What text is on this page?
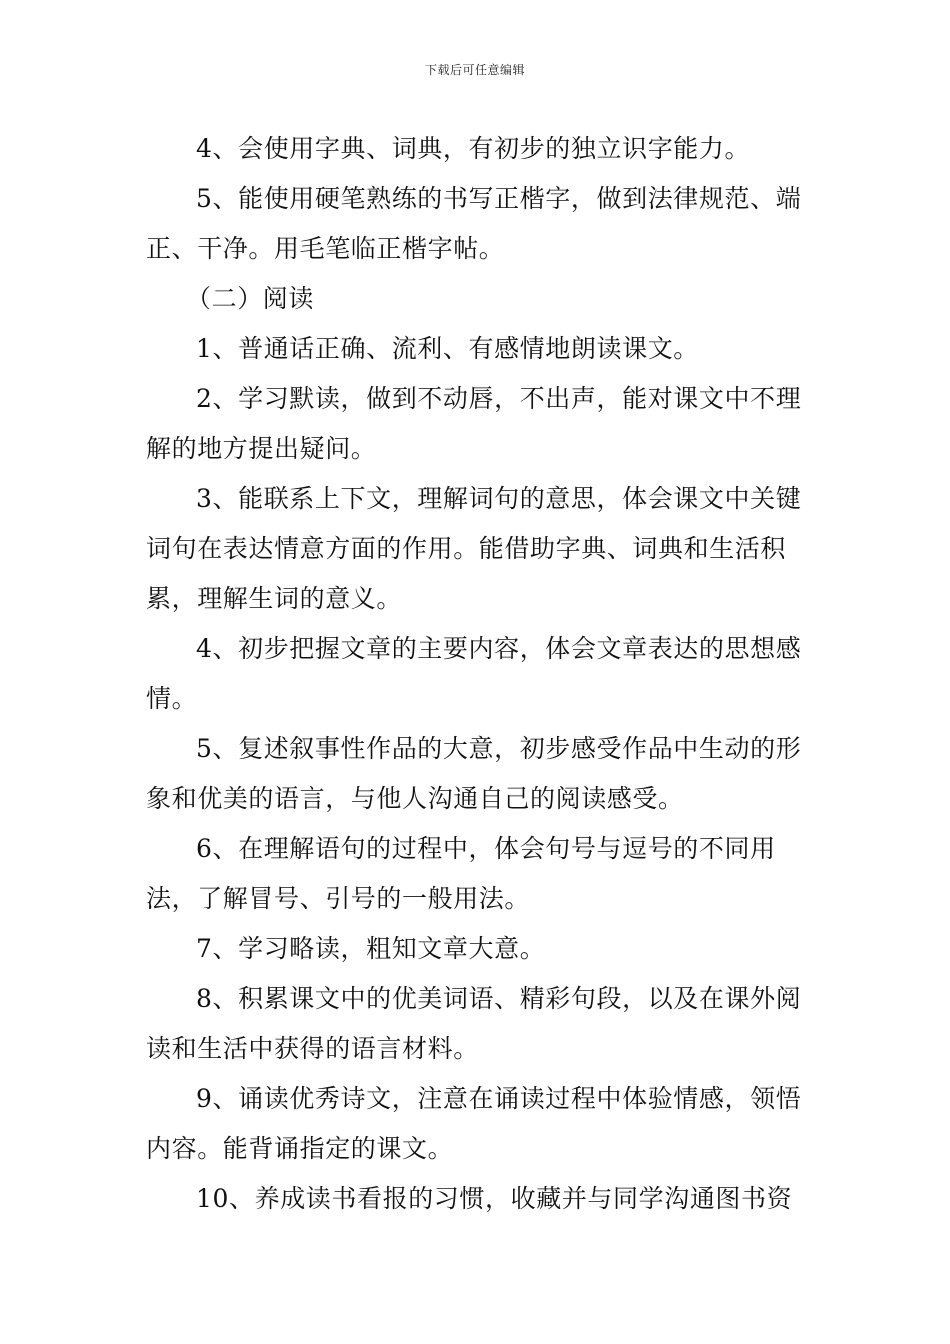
下载后可任意编辑

4、会使用字典、词典，有初步的独立识字能力。

5、能使用硬笔熟练的书写正楷字，做到法律规范、端正、干净。用毛笔临正楷字帖。

（二）阅读

1、普通话正确、流利、有感情地朗读课文。

2、学习默读，做到不动唇，不出声，能对课文中不理解的地方提出疑问。

3、能联系上下文，理解词句的意思，体会课文中关键词句在表达情意方面的作用。能借助字典、词典和生活积累，理解生词的意义。

4、初步把握文章的主要内容，体会文章表达的思想感情。

5、复述叙事性作品的大意，初步感受作品中生动的形象和优美的语言，与他人沟通自己的阅读感受。

6、在理解语句的过程中，体会句号与逗号的不同用法，了解冒号、引号的一般用法。

7、学习略读，粗知文章大意。

8、积累课文中的优美词语、精彩句段，以及在课外阅读和生活中获得的语言材料。

9、诵读优秀诗文，注意在诵读过程中体验情感，领悟内容。能背诵指定的课文。

10、养成读书看报的习惯，收藏并与同学沟通图书资
